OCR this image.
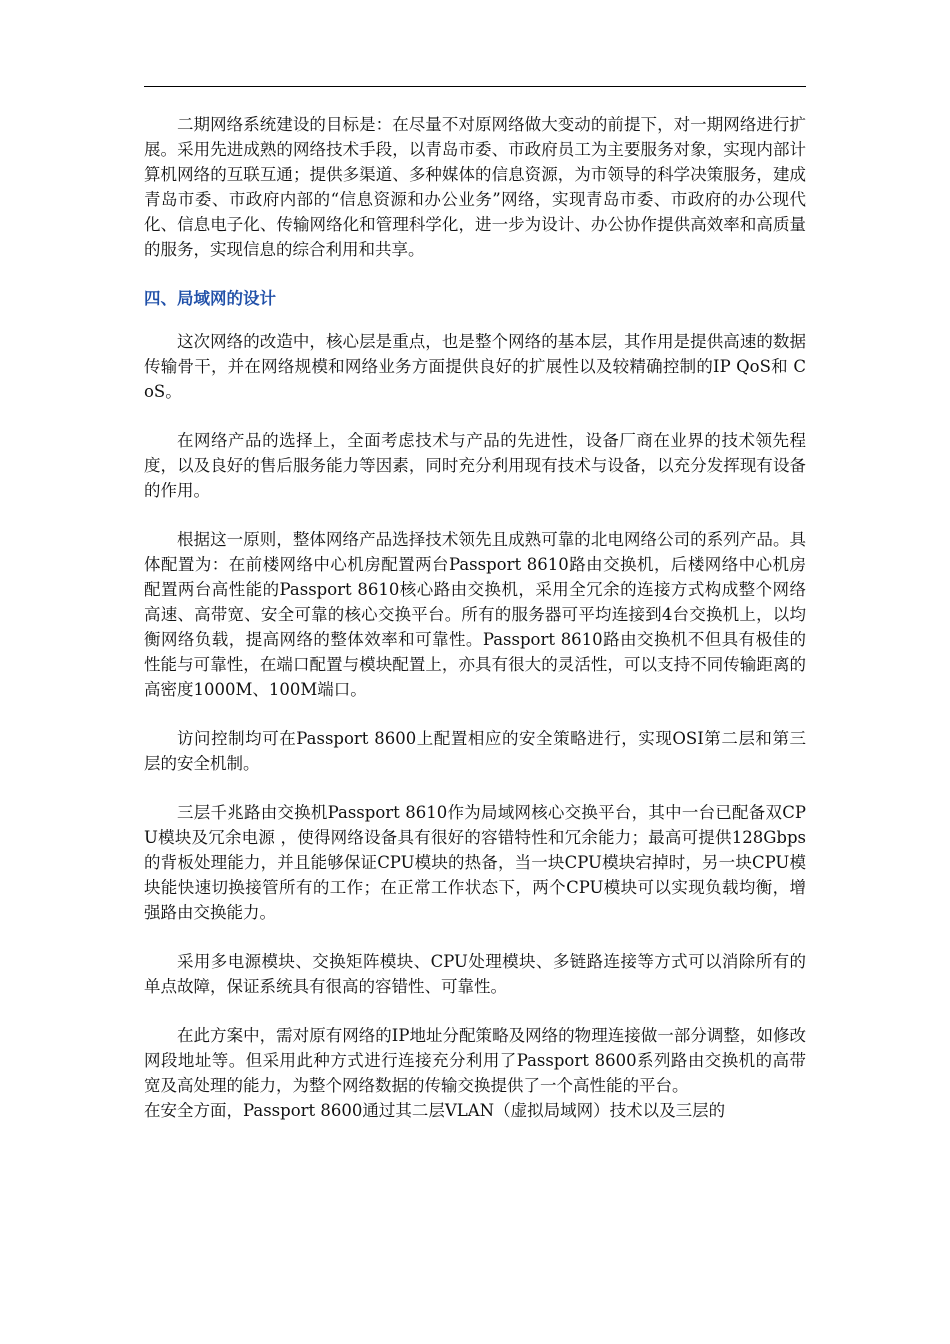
二期网络系统建设的目标是：在尽量不对原网络做大变动的前提下，对一期网络进行扩展。采用先进成熟的网络技术手段，以青岛市委、市政府员工为主要服务对象，实现内部计算机网络的互联互通；提供多渠道、多种媒体的信息资源，为市领导的科学决策服务，建成青岛市委、市政府内部的“信息资源和办公业务”网络，实现青岛市委、市政府的办公现代化、信息电子化、传输网络化和管理科学化，进一步为设计、办公协作提供高效率和高质量的服务，实现信息的综合利用和共享。

四、局域网的设计

这次网络的改造中，核心层是重点，也是整个网络的基本层，其作用是提供高速的数据传输骨干，并在网络规模和网络业务方面提供良好的扩展性以及较精确控制的IP QoS和 CoS。

在网络产品的选择上，全面考虑技术与产品的先进性，设备厂商在业界的技术领先程度，以及良好的售后服务能力等因素，同时充分利用现有技术与设备，以充分发挥现有设备的作用。

根据这一原则，整体网络产品选择技术领先且成熟可靠的北电网络公司的系列产品。具体配置为：在前楼网络中心机房配置两台Passport 8610路由交换机，后楼网络中心机房配置两台高性能的Passport 8610核心路由交换机，采用全冗余的连接方式构成整个网络高速、高带宽、安全可靠的核心交换平台。所有的服务器可平均连接到4台交换机上，以均衡网络负载，提高网络的整体效率和可靠性。Passport 8610路由交换机不但具有极佳的性能与可靠性，在端口配置与模块配置上，亦具有很大的灵活性，可以支持不同传输距离的高密度1000M、100M端口。

访问控制均可在Passport 8600上配置相应的安全策略进行，实现OSI第二层和第三层的安全机制。

三层千兆路由交换机Passport 8610作为局域网核心交换平台，其中一台已配备双CPU模块及冗余电源 ，使得网络设备具有很好的容错特性和冗余能力；最高可提供128Gbps的背板处理能力，并且能够保证CPU模块的热备，当一块CPU模块宕掉时，另一块CPU模块能快速切换接管所有的工作；在正常工作状态下，两个CPU模块可以实现负载均衡，增强路由交换能力。

采用多电源模块、交换矩阵模块、CPU处理模块、多链路连接等方式可以消除所有的单点故障，保证系统具有很高的容错性、可靠性。

在此方案中，需对原有网络的IP地址分配策略及网络的物理连接做一部分调整，如修改网段地址等。但采用此种方式进行连接充分利用了Passport 8600系列路由交换机的高带宽及高处理的能力，为整个网络数据的传输交换提供了一个高性能的平台。

在安全方面，Passport 8600通过其二层VLAN（虚拟局域网）技术以及三层的
